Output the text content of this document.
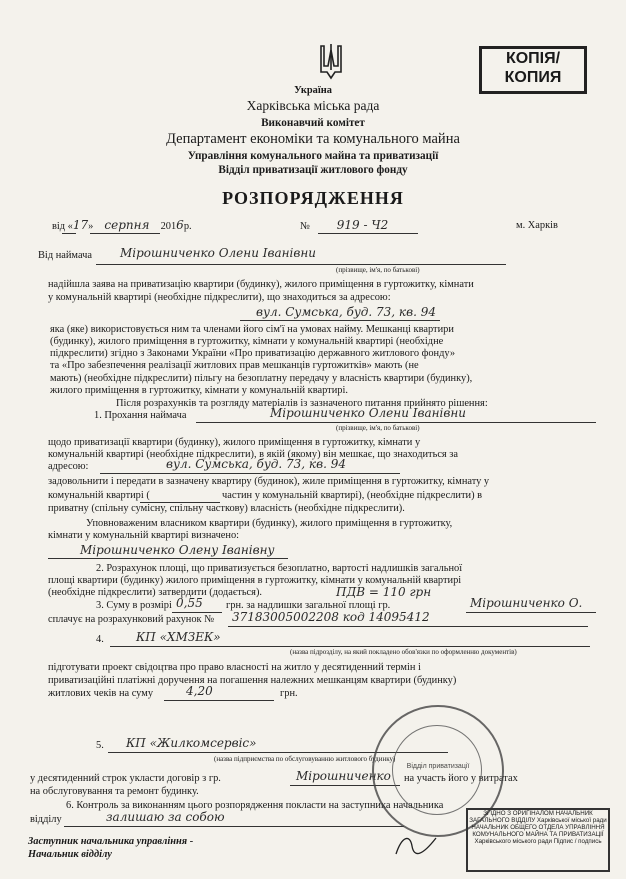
КОПІЯ/ КОПИЯ
Україна
Харківська міська рада
Виконавчий комітет
Департамент економіки та комунального майна
Управління комунального майна та приватизації
Відділ приватизації житлового фонду
РОЗПОРЯДЖЕННЯ
від «17» серпня 2016р.	№ 919 - Ч2	м. Харків
Від наймача Мірошниченко Олени Іванівни
(прізвище, ім'я, по батькові)
надійшла заява на приватизацію квартири (будинку), жилого приміщення в гуртожитку, кімнати
у комунальній квартирі (необхідне підкреслити), що знаходиться за адресою:
вул. Сумська, буд. 73, кв. 94
яка (яке) використовується ним та членами його сім'ї на умовах найму. Мешканці квартири
(будинку), жилого приміщення в гуртожитку, кімнати у комунальній квартирі (необхідне
підкреслити) згідно з Законами України «Про приватизацію державного житлового фонду»
та «Про забезпечення реалізації житлових прав мешканців гуртожитків» мають (не
мають) (необхідне підкреслити) пільгу на безоплатну передачу у власність квартири (будинку),
жилого приміщення в гуртожитку, кімнати у комунальній квартирі.
Після розрахунків та розгляду матеріалів із зазначеного питання прийнято рішення:
1. Прохання наймача	Мірошниченко Олени Іванівни
(прізвище, ім'я, по батькові)
щодо приватизації квартири (будинку), жилого приміщення в гуртожитку, кімнати у
комунальній квартирі (необхідне підкреслити), в якій (якому) він мешкає, що знаходиться за
адресою:	вул. Сумська, буд. 73, кв. 94
задовольнити і передати в зазначену квартиру (будинок), жиле приміщення в гуртожитку, кімнату у
комунальній квартирі (	частин у комунальній квартирі), (необхідне підкреслити) в
приватну (спільну сумісну, спільну часткову) власність (необхідне підкреслити).
Уповноваженим власником квартири (будинку), жилого приміщення в гуртожитку,
кімнати у комунальній квартирі визначено:
Мірошниченко Олену Іванівну
2. Розрахунок площі, що приватизується безоплатно, вартості надлишків загальної
площі квартири (будинку) жилого приміщення в гуртожитку, кімнати у комунальній квартирі
(необхідне підкреслити) затвердити (додається).	ПДВ = 110 грн
3. Суму в розмірі 0,55 грн. за надлишки загальної площі гр.	Мірошниченко О.
сплачує на розрахунковий рахунок № 37183005002208 код 14095412
4.	КП «ХМЗЕК»
(назва підрозділу, на який покладено обов'язки по оформленню документів)
підготувати проект свідоцтва про право власності на житло у десятиденний термін і
приватизаційні платіжні доручення на погашення належних мешканцям квартири (будинку)
житлових чеків на суму	4,20	грн.
5. КП «Жилкомсервіс»
(назва підприємства по обслуговуванню житлового будинку)
у десятиденний строк укласти договір з гр.	Мірошниченко на участь його у витратах
на обслуговування та ремонт будинку.
6. Контроль за виконанням цього розпорядження покласти на заступника начальника
відділу	залишаю за собою
Заступник начальника управління -
Начальник відділу
Відділ приватизації
ЗГІДНО З ОРИГІНАЛОМ НАЧАЛЬНИК ЗАГАЛЬНОГО ВІДДІЛУ Харківської міської ради НАЧАЛЬНИК ОБЩЕГО ОТДЕЛА УПРАВЛІННЯ КОМУНАЛЬНОГО МАЙНА ТА ПРИВАТИЗАЦІЇ Харківського міського ради Підпис / подпись
